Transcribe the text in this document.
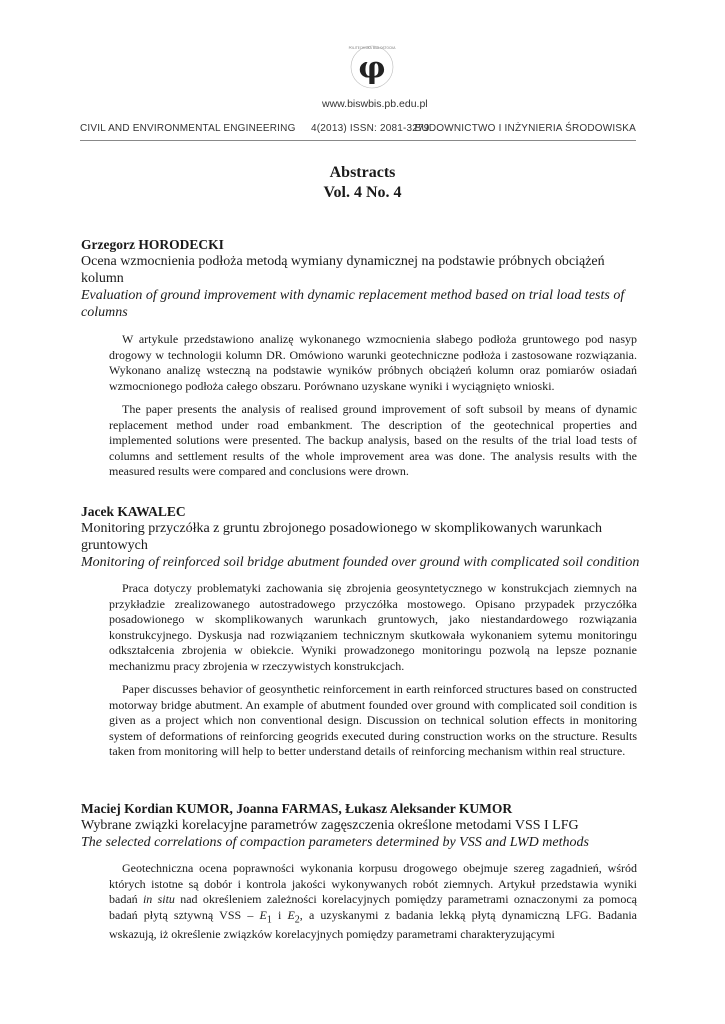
φ
POLITECHNIKA BIAŁOSTOCKA
www.biswbis.pb.edu.pl
CIVIL AND ENVIRONMENTAL ENGINEERING 4(2013) ISSN: 2081-3279
BUDOWNICTWO I INŻYNIERIA ŚRODOWISKA
Abstracts
Vol. 4 No. 4
Grzegorz HORODECKI
Ocena wzmocnienia podłoża metodą wymiany dynamicznej na podstawie próbnych obciążeń kolumn
Evaluation of ground improvement with dynamic replacement method based on trial load tests of columns

W artykule przedstawiono analizę wykonanego wzmocnienia słabego podłoża gruntowego pod nasyp drogowy w technologii kolumn DR. Omówiono warunki geotechniczne podłoża i zastosowane rozwiązania. Wykonano analizę wsteczną na podstawie wyników próbnych obciążeń kolumn oraz pomiarów osiadań wzmocnionego podłoża całego obszaru. Porównano uzyskane wyniki i wyciągnięto wnioski.

The paper presents the analysis of realised ground improvement of soft subsoil by means of dynamic replacement method under road embankment. The description of the geotechnical properties and implemented solutions were presented. The backup analysis, based on the results of the trial load tests of columns and settlement results of the whole improvement area was done. The analysis results with the measured results were compared and conclusions were drown.

Jacek KAWALEC
Monitoring przyczółka z gruntu zbrojonego posadowionego w skomplikowanych warunkach gruntowych
Monitoring of reinforced soil bridge abutment founded over ground with complicated soil condition

Praca dotyczy problematyki zachowania się zbrojenia geosyntetycznego w konstrukcjach ziemnych na przykładzie zrealizowanego autostradowego przyczółka mostowego. Opisano przypadek przyczółka posadowionego w skomplikowanych warunkach gruntowych, jako niestandardowego rozwiązania konstrukcyjnego. Dyskusja nad rozwiązaniem technicznym skutkowała wykonaniem sytemu monitoringu odkształcenia zbrojenia w obiekcie. Wyniki prowadzonego monitoringu pozwolą na lepsze poznanie mechanizmu pracy zbrojenia w rzeczywistych konstrukcjach.

Paper discusses behavior of geosynthetic reinforcement in earth reinforced structures based on constructed motorway bridge abutment. An example of abutment founded over ground with complicated soil condition is given as a project which non conventional design. Discussion on technical solution effects in monitoring system of deformations of reinforcing geogrids executed during construction works on the structure. Results taken from monitoring will help to better understand details of reinforcing mechanism within real structure.

Maciej Kordian KUMOR, Joanna FARMAS, Łukasz Aleksander KUMOR
Wybrane związki korelacyjne parametrów zagęszczenia określone metodami VSS I LFG
The selected correlations of compaction parameters determined by VSS and LWD methods

Geotechniczna ocena poprawności wykonania korpusu drogowego obejmuje szereg zagadnień, wśród których istotne są dobór i kontrola jakości wykonywanych robót ziemnych. Artykuł przedstawia wyniki badań in situ nad określeniem zależności korelacyjnych pomiędzy parametrami oznaczonymi za pomocą badań płytą sztywną VSS – $E_1$ i $E_2$, a uzyskanymi z badania lekką płytą dynamiczną LFG. Badania wskazują, iż określenie związków korelacyjnych pomiędzy parametrami charakteryzującymi
